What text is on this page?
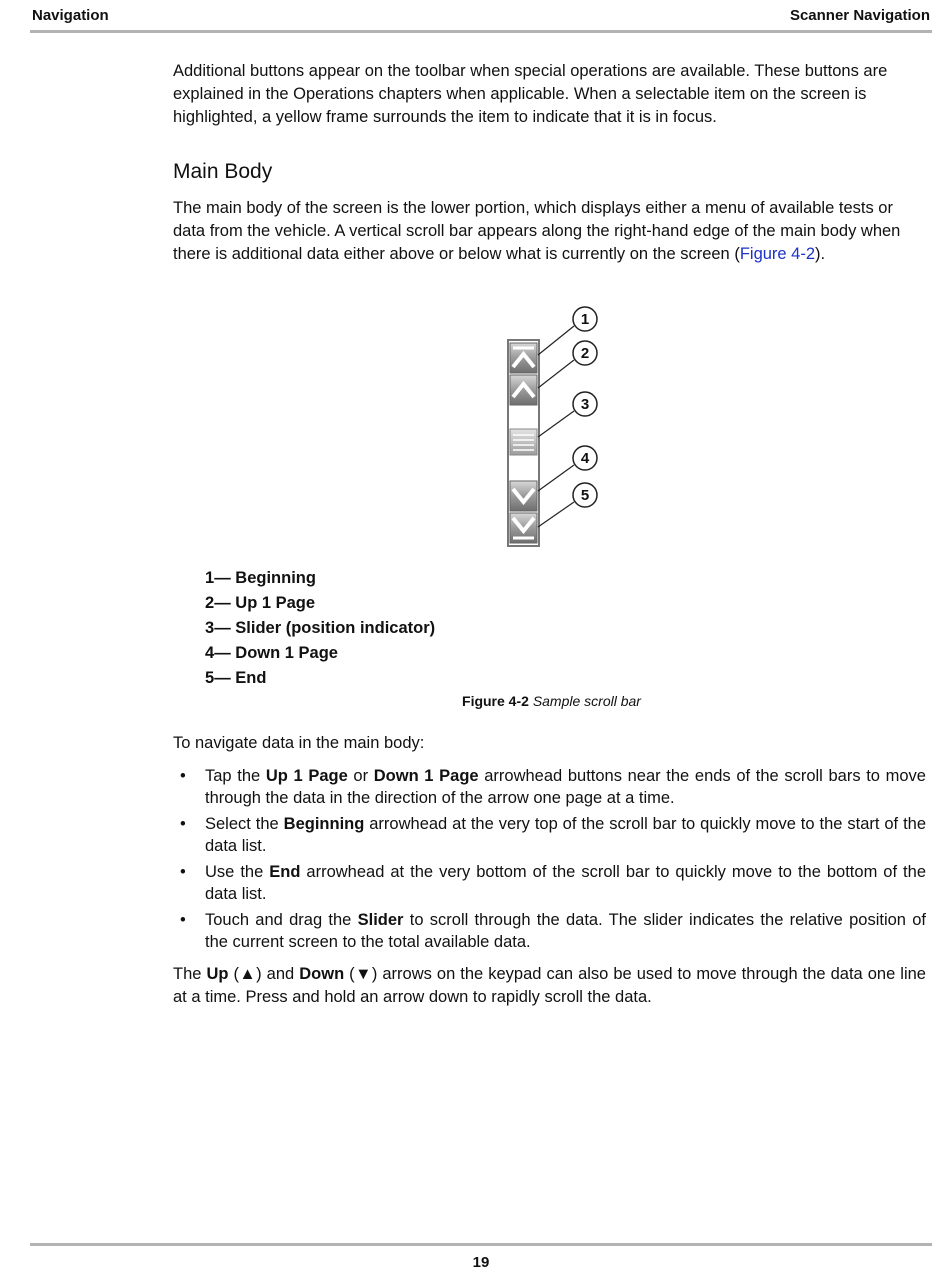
Navigation	Scanner Navigation

Additional buttons appear on the toolbar when special operations are available. These buttons are explained in the Operations chapters when applicable. When a selectable item on the screen is highlighted, a yellow frame surrounds the item to indicate that it is in focus.

Main Body

The main body of the screen is the lower portion, which displays either a menu of available tests or data from the vehicle. A vertical scroll bar appears along the right-hand edge of the main body when there is additional data either above or below what is currently on the screen (Figure 4-2).

1
2
3
4
5
1— Beginning
2— Up 1 Page
3— Slider (position indicator)
4— Down 1 Page
5— End
Figure 4-2 Sample scroll bar

To navigate data in the main body:

• Tap the Up 1 Page or Down 1 Page arrowhead buttons near the ends of the scroll bars to move through the data in the direction of the arrow one page at a time.
• Select the Beginning arrowhead at the very top of the scroll bar to quickly move to the start of the data list.
• Use the End arrowhead at the very bottom of the scroll bar to quickly move to the bottom of the data list.
• Touch and drag the Slider to scroll through the data. The slider indicates the relative position of the current screen to the total available data.

The Up (▲) and Down (▼) arrows on the keypad can also be used to move through the data one line at a time. Press and hold an arrow down to rapidly scroll the data.

19
